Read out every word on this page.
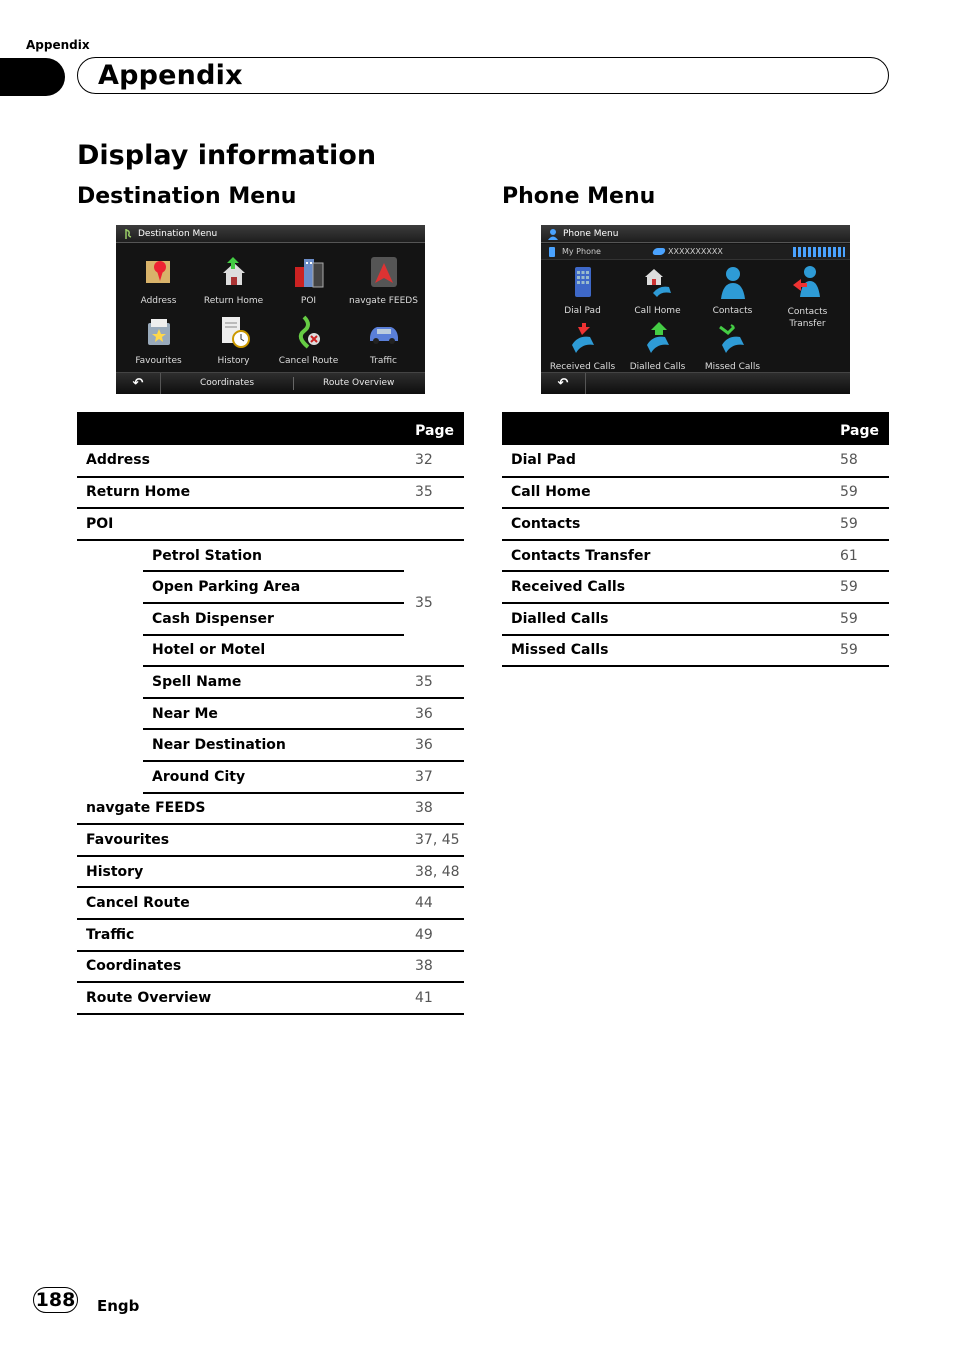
Appendix
Appendix
Display information
Destination Menu	Phone Menu
Destination Menu
Address	Return Home	POI	navgate FEEDS
Favourites	History	Cancel Route	Traffic
↶	Coordinates	Route Overview
Phone Menu
My Phone	XXXXXXXXXX
Dial Pad	Call Home	Contacts	Contacts Transfer
Received Calls	Dialled Calls	Missed Calls
↶
Page		
Address		32
Return Home		35
POI		
	Petrol Station	35
	Open Parking Area	
	Cash Dispenser	
	Hotel or Motel	
	Spell Name	35
	Near Me	36
	Near Destination	36
	Around City	37
navgate FEEDS		38
Favourites		37, 45
History		38, 48
Cancel Route		44
Traffic		49
Coordinates		38
Route Overview		41
Page	
Dial Pad	58
Call Home	59
Contacts	59
Contacts Transfer	61
Received Calls	59
Dialled Calls	59
Missed Calls	59
188 Engb
